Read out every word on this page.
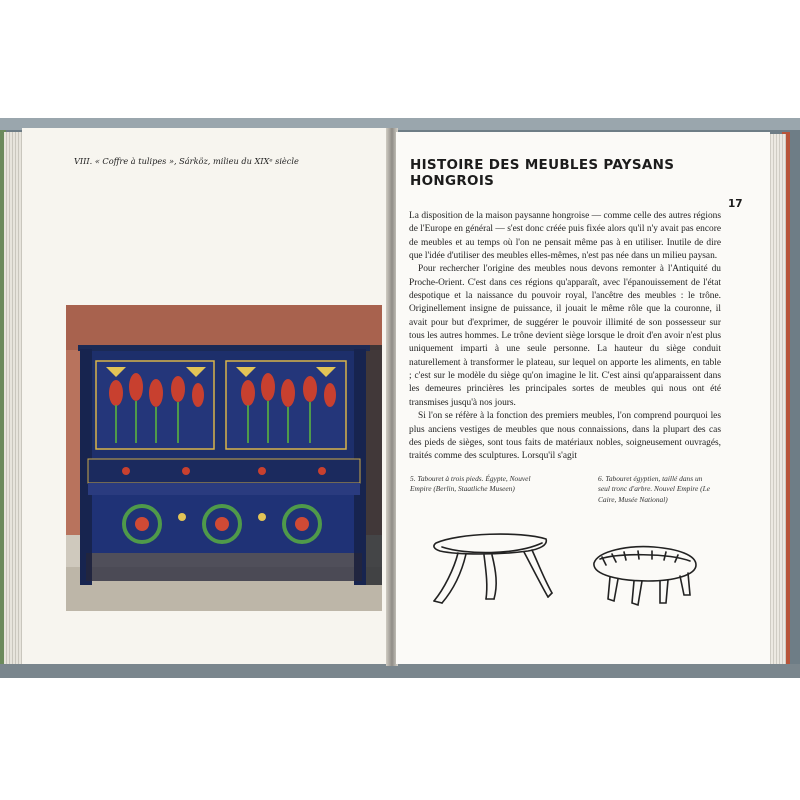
VIII. « Coffre à tulipes », Sárköz, milieu du XIXᵉ siècle	HISTOIRE DES MEUBLES PAYSANS
HONGROIS
17

La disposition de la maison paysanne hongroise — comme celle des autres régions de l'Europe en général — s'est donc créée puis fixée alors qu'il n'y avait pas encore de meubles et au temps où l'on ne pensait même pas à en utiliser. Inutile de dire que l'idée d'utiliser des meubles elles-mêmes, n'est pas née dans un milieu paysan.

Pour rechercher l'origine des meubles nous devons remonter à l'Antiquité du Proche-Orient. C'est dans ces régions qu'apparaît, avec l'épanouissement de l'état despotique et la naissance du pouvoir royal, l'ancêtre des meubles : le trône. Originellement insigne de puissance, il jouait le même rôle que la couronne, il avait pour but d'exprimer, de suggérer le pouvoir illimité de son possesseur sur tous les autres hommes. Le trône devient siège lorsque le droit d'en avoir n'est plus uniquement imparti à une seule personne. La hauteur du siège conduit naturellement à transformer le plateau, sur lequel on apporte les aliments, en table ; c'est sur le modèle du siège qu'on imagine le lit. C'est ainsi qu'apparaissent dans les demeures princières les principales sortes de meubles qui nous ont été transmises jusqu'à nos jours.

Si l'on se réfère à la fonction des premiers meubles, l'on comprend pourquoi les plus anciens vestiges de meubles que nous connaissions, dans la plupart des cas des pieds de sièges, sont tous faits de matériaux nobles, soigneusement ouvragés, traités comme des sculptures. Lorsqu'il s'agit

5. Tabouret à trois pieds. Égypte, Nouvel Empire (Berlin, Staatliche Museen)
6. Tabouret égyptien, taillé dans un seul tronc d'arbre. Nouvel Empire (Le Caire, Musée National)
